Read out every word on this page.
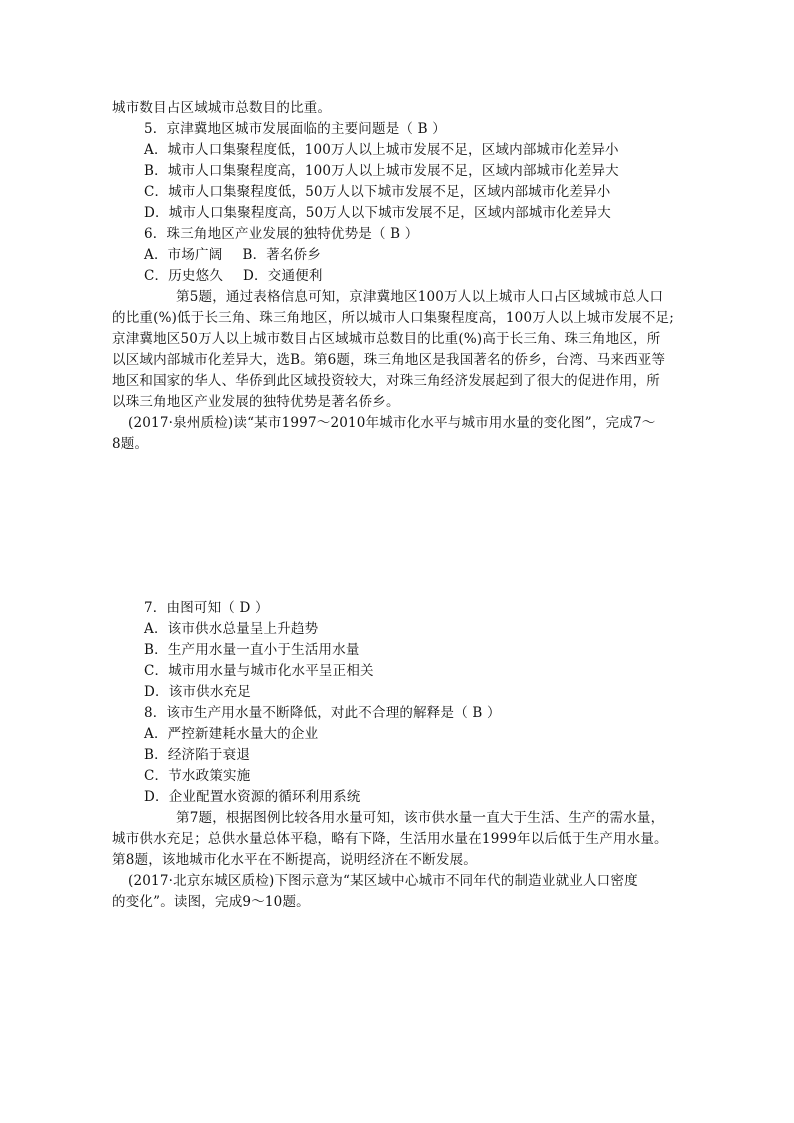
城市数目占区域城市总数目的比重。
5．京津冀地区城市发展面临的主要问题是（ B ）
A．城市人口集聚程度低，100万人以上城市发展不足，区域内部城市化差异小
B．城市人口集聚程度高，100万人以上城市发展不足，区域内部城市化差异大
C．城市人口集聚程度低，50万人以下城市发展不足，区域内部城市化差异小
D．城市人口集聚程度高，50万人以下城市发展不足，区域内部城市化差异大
6．珠三角地区产业发展的独特优势是（ B ）
A．市场广阔 B．著名侨乡
C．历史悠久 D．交通便利
第5题，通过表格信息可知，京津冀地区100万人以上城市人口占区域城市总人口
的比重(%)低于长三角、珠三角地区，所以城市人口集聚程度高，100万人以上城市发展不足;
京津冀地区50万人以上城市数目占区域城市总数目的比重(%)高于长三角、珠三角地区，所
以区域内部城市化差异大，选B。第6题，珠三角地区是我国著名的侨乡，台湾、马来西亚等
地区和国家的华人、华侨到此区域投资较大，对珠三角经济发展起到了很大的促进作用，所
以珠三角地区产业发展的独特优势是著名侨乡。
(2017·泉州质检)读“某市1997～2010年城市化水平与城市用水量的变化图”，完成7～
8题。
7．由图可知（ D ）
A．该市供水总量呈上升趋势
B．生产用水量一直小于生活用水量
C．城市用水量与城市化水平呈正相关
D．该市供水充足
8．该市生产用水量不断降低，对此不合理的解释是（ B ）
A．严控新建耗水量大的企业
B．经济陷于衰退
C．节水政策实施
D．企业配置水资源的循环利用系统
第7题，根据图例比较各用水量可知，该市供水量一直大于生活、生产的需水量，
城市供水充足；总供水量总体平稳，略有下降，生活用水量在1999年以后低于生产用水量。
第8题，该地城市化水平在不断提高，说明经济在不断发展。
(2017·北京东城区质检)下图示意为“某区域中心城市不同年代的制造业就业人口密度
的变化”。读图，完成9～10题。
